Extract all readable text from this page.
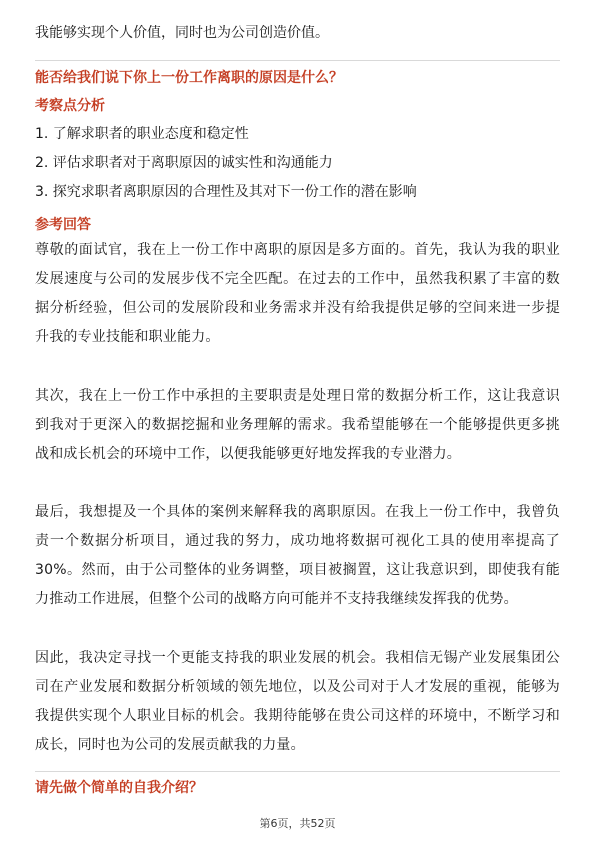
我能够实现个人价值，同时也为公司创造价值。
能否给我们说下你上一份工作离职的原因是什么？
考察点分析
1. 了解求职者的职业态度和稳定性
2. 评估求职者对于离职原因的诚实性和沟通能力
3. 探究求职者离职原因的合理性及其对下一份工作的潜在影响
参考回答
尊敬的面试官，我在上一份工作中离职的原因是多方面的。首先，我认为我的职业发展速度与公司的发展步伐不完全匹配。在过去的工作中，虽然我积累了丰富的数据分析经验，但公司的发展阶段和业务需求并没有给我提供足够的空间来进一步提升我的专业技能和职业能力。
其次，我在上一份工作中承担的主要职责是处理日常的数据分析工作，这让我意识到我对于更深入的数据挖掘和业务理解的需求。我希望能够在一个能够提供更多挑战和成长机会的环境中工作，以便我能够更好地发挥我的专业潜力。
最后，我想提及一个具体的案例来解释我的离职原因。在我上一份工作中，我曾负责一个数据分析项目，通过我的努力，成功地将数据可视化工具的使用率提高了30%。然而，由于公司整体的业务调整，项目被搁置，这让我意识到，即使我有能力推动工作进展，但整个公司的战略方向可能并不支持我继续发挥我的优势。
因此，我决定寻找一个更能支持我的职业发展的机会。我相信无锡产业发展集团公司在产业发展和数据分析领域的领先地位，以及公司对于人才发展的重视，能够为我提供实现个人职业目标的机会。我期待能够在贵公司这样的环境中，不断学习和成长，同时也为公司的发展贡献我的力量。
请先做个简单的自我介绍？
第6页，共52页
